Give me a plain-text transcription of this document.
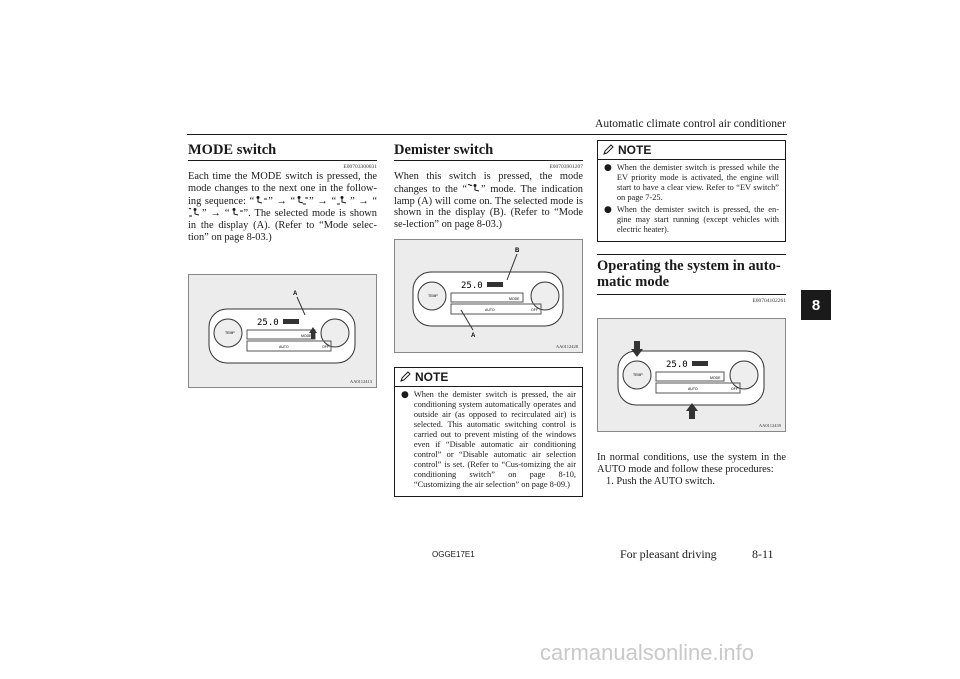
Automatic climate control air conditioner
8
MODE switch
E00703300031

Each time the MODE switch is pressed, the mode changes to the next one in the follow-ing sequence: “ ” → “ ” → “ ” → “” → “ ”. The selected mode is shown in the display (A). (Refer to “Mode selec-tion” on page 8-03.)

25.0
TEMP
MODE
AUTO	OFF
A
AA0112413
Demister switch
E00703901207

When this switch is pressed, the mode changes to the “ ” mode. The indication lamp (A) will come on. The selected mode is shown in the display (B). (Refer to “Mode se-lection” on page 8-03.)

25.0
TEMP
MODE
AUTO	OFF
B
A
AA0112428
NOTE
● When the demister switch is pressed, the air conditioning system automatically operates and outside air (as opposed to recirculated air) is selected. This automatic switching control is carried out to prevent misting of the windows even if “Disable automatic air conditioning control” or “Disable automatic air selection control” is set. (Refer to “Cus-tomizing the air conditioning switch” on page 8-10, “Customizing the air selection” on page 8-09.)
NOTE
● When the demister switch is pressed while the EV priority mode is activated, the engine will start to have a clear view. Refer to “EV switch” on page 7-25.
● When the demister switch is pressed, the en-gine may start running (except vehicles with electric heater).
Operating the system in auto-matic mode
E00704102261
25.0
TEMP
MODE
AUTO	OFF
AA0112439

In normal conditions, use the system in the AUTO mode and follow these procedures:

1. Push the AUTO switch.
OGGE17E1	For pleasant driving	8-11
carmanualsonline.info
